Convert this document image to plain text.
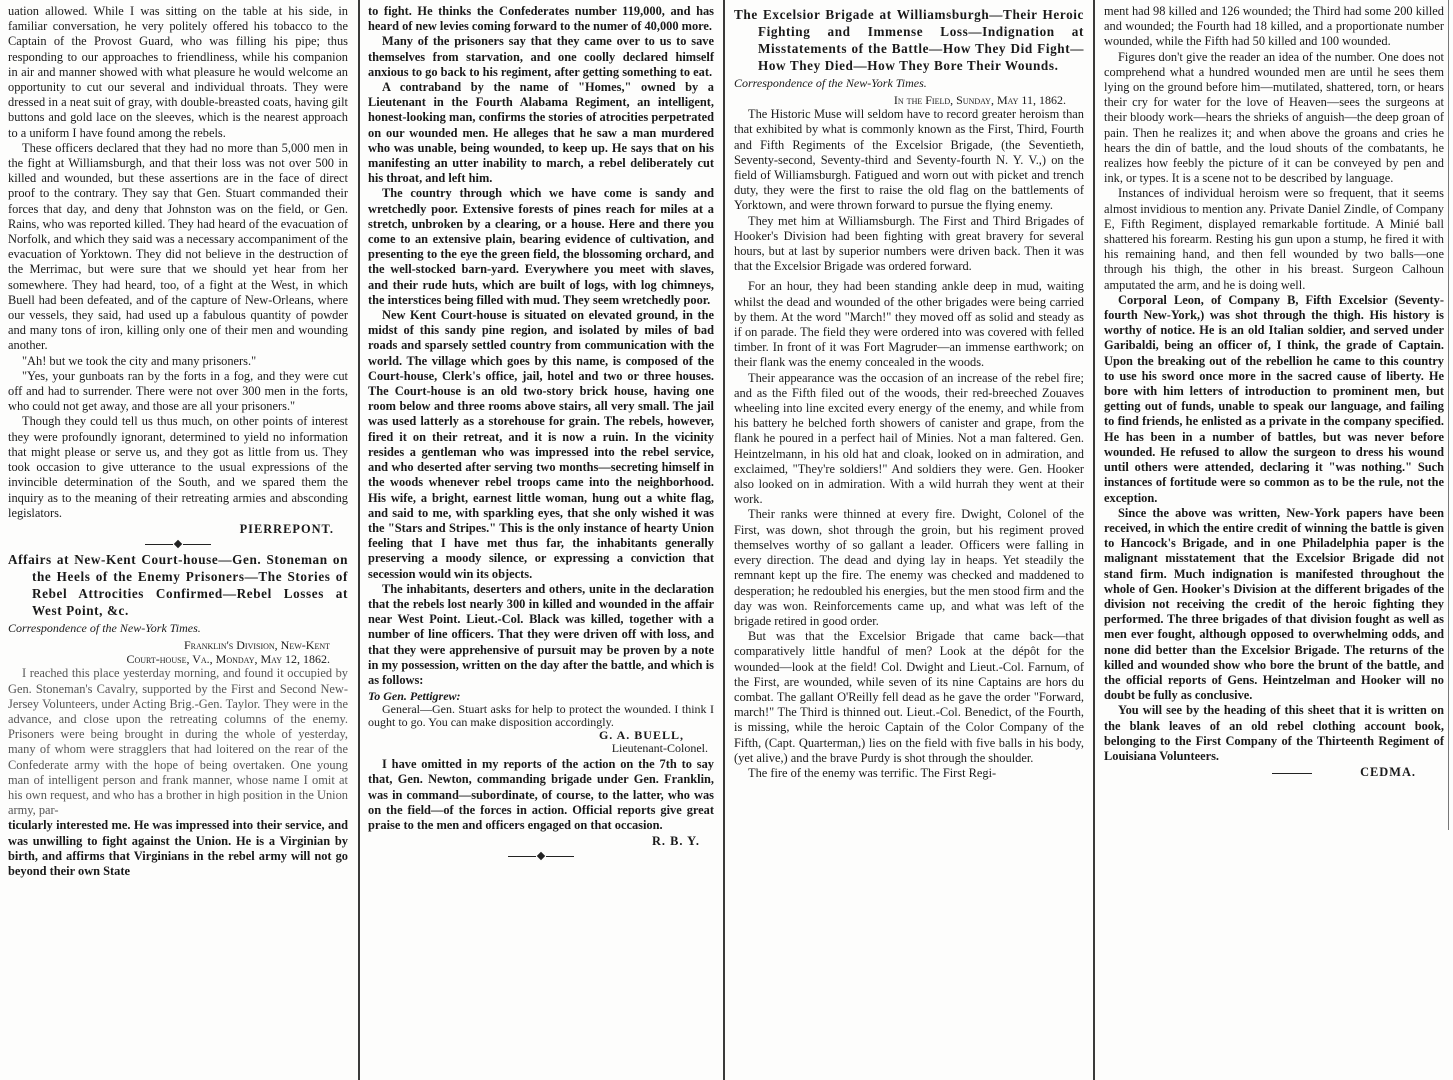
uation allowed. While I was sitting on the table at his side, in familiar conversation, he very politely offered his tobacco to the Captain of the Provost Guard, who was filling his pipe; thus responding to our approaches to friendliness, while his companion in air and manner showed with what pleasure he would welcome an opportunity to cut our several and individual throats. They were dressed in a neat suit of gray, with double-breasted coats, having gilt buttons and gold lace on the sleeves, which is the nearest approach to a uniform I have found among the rebels.

These officers declared that they had no more than 5,000 men in the fight at Williamsburgh, and that their loss was not over 500 in killed and wounded, but these assertions are in the face of direct proof to the contrary. They say that Gen. Stuart commanded their forces that day, and deny that Johnston was on the field, or Gen. Rains, who was reported killed. They had heard of the evacuation of Norfolk, and which they said was a necessary accompaniment of the evacuation of Yorktown. They did not believe in the destruction of the Merrimac, but were sure that we should yet hear from her somewhere. They had heard, too, of a fight at the West, in which Buell had been defeated, and of the capture of New-Orleans, where our vessels, they said, had used up a fabulous quantity of powder and many tons of iron, killing only one of their men and wounding another.

"Ah! but we took the city and many prisoners."

"Yes, your gunboats ran by the forts in a fog, and they were cut off and had to surrender. There were not over 300 men in the forts, who could not get away, and those are all your prisoners."

Though they could tell us thus much, on other points of interest they were profoundly ignorant, determined to yield no information that might please or serve us, and they got as little from us. They took occasion to give utterance to the usual expressions of the invincible determination of the South, and we spared them the inquiry as to the meaning of their retreating armies and absconding legislators.

PIERREPONT.
Affairs at New-Kent Court-house—Gen. Stoneman on the Heels of the Enemy Prisoners—The Stories of Rebel Attrocities Confirmed—Rebel Losses at West Point, &c.
Correspondence of the New-York Times.
Franklin's Division, New-Kent
Court-house, Va., Monday, May 12, 1862.

I reached this place yesterday morning, and found it occupied by Gen. Stoneman's Cavalry, supported by the First and Second New-Jersey Volunteers, under Acting Brig.-Gen. Taylor. They were in the advance, and close upon the retreating columns of the enemy. Prisoners were being brought in during the whole of yesterday, many of whom were stragglers that had loitered on the rear of the Confederate army with the hope of being overtaken. One young man of intelligent person and frank manner, whose name I omit at his own request, and who has a brother in high position in the Union army, par-

ticularly interested me. He was impressed into their service, and was unwilling to fight against the Union. He is a Virginian by birth, and affirms that Virginians in the rebel army will not go beyond their own State

to fight. He thinks the Confederates number 119,000, and has heard of new levies coming forward to the numer of 40,000 more.

Many of the prisoners say that they came over to us to save themselves from starvation, and one coolly declared himself anxious to go back to his regiment, after getting something to eat.

A contraband by the name of "Homes," owned by a Lieutenant in the Fourth Alabama Regiment, an intelligent, honest-looking man, confirms the stories of atrocities perpetrated on our wounded men. He alleges that he saw a man murdered who was unable, being wounded, to keep up. He says that on his manifesting an utter inability to march, a rebel deliberately cut his throat, and left him.

The country through which we have come is sandy and wretchedly poor. Extensive forests of pines reach for miles at a stretch, unbroken by a clearing, or a house. Here and there you come to an extensive plain, bearing evidence of cultivation, and presenting to the eye the green field, the blossoming orchard, and the well-stocked barn-yard. Everywhere you meet with slaves, and their rude huts, which are built of logs, with log chimneys, the interstices being filled with mud. They seem wretchedly poor.

New Kent Court-house is situated on elevated ground, in the midst of this sandy pine region, and isolated by miles of bad roads and sparsely settled country from communication with the world. The village which goes by this name, is composed of the Court-house, Clerk's office, jail, hotel and two or three houses. The Court-house is an old two-story brick house, having one room below and three rooms above stairs, all very small. The jail was used latterly as a storehouse for grain. The rebels, however, fired it on their retreat, and it is now a ruin. In the vicinity resides a gentleman who was impressed into the rebel service, and who deserted after serving two months—secreting himself in the woods whenever rebel troops came into the neighborhood. His wife, a bright, earnest little woman, hung out a white flag, and said to me, with sparkling eyes, that she only wished it was the "Stars and Stripes." This is the only instance of hearty Union feeling that I have met thus far, the inhabitants generally preserving a moody silence, or expressing a conviction that secession would win its objects.

The inhabitants, deserters and others, unite in the declaration that the rebels lost nearly 300 in killed and wounded in the affair near West Point. Lieut.-Col. Black was killed, together with a number of line officers. That they were driven off with loss, and that they were apprehensive of pursuit may be proven by a note in my possession, written on the day after the battle, and which is as follows:

To Gen. Pettigrew:

General—Gen. Stuart asks for help to protect the wounded. I think I ought to go. You can make disposition accordingly.

G. A. BUELL,
Lieutenant-Colonel.

I have omitted in my reports of the action on the 7th to say that, Gen. Newton, commanding brigade under Gen. Franklin, was in command—subordinate, of course, to the latter, who was on the field—of the forces in action. Official reports give great praise to the men and officers engaged on that occasion.

R. B. Y.
The Excelsior Brigade at Williamsburgh—Their Heroic Fighting and Immense Loss—Indignation at Misstatements of the Battle—How They Did Fight—How They Died—How They Bore Their Wounds.
Correspondence of the New-York Times.
In the Field, Sunday, May 11, 1862.

The Historic Muse will seldom have to record greater heroism than that exhibited by what is commonly known as the First, Third, Fourth and Fifth Regiments of the Excelsior Brigade, (the Seventieth, Seventy-second, Seventy-third and Seventy-fourth N. Y. V.,) on the field of Williamsburgh. Fatigued and worn out with picket and trench duty, they were the first to raise the old flag on the battlements of Yorktown, and were thrown forward to pursue the flying enemy.

They met him at Williamsburgh. The First and Third Brigades of Hooker's Division had been fighting with great bravery for several hours, but at last by superior numbers were driven back. Then it was that the Excelsior Brigade was ordered forward.

For an hour, they had been standing ankle deep in mud, waiting whilst the dead and wounded of the other brigades were being carried by them. At the word "March!" they moved off as solid and steady as if on parade. The field they were ordered into was covered with felled timber. In front of it was Fort Magruder—an immense earthwork; on their flank was the enemy concealed in the woods.

Their appearance was the occasion of an increase of the rebel fire; and as the Fifth filed out of the woods, their red-breeched Zouaves wheeling into line excited every energy of the enemy, and while from his battery he belched forth showers of canister and grape, from the flank he poured in a perfect hail of Minies. Not a man faltered. Gen. Heintzelmann, in his old hat and cloak, looked on in admiration, and exclaimed, "They're soldiers!" And soldiers they were. Gen. Hooker also looked on in admiration. With a wild hurrah they went at their work.

Their ranks were thinned at every fire. Dwight, Colonel of the First, was down, shot through the groin, but his regiment proved themselves worthy of so gallant a leader. Officers were falling in every direction. The dead and dying lay in heaps. Yet steadily the remnant kept up the fire. The enemy was checked and maddened to desperation; he redoubled his energies, but the men stood firm and the day was won. Reinforcements came up, and what was left of the brigade retired in good order.

But was that the Excelsior Brigade that came back—that comparatively little handful of men? Look at the dépôt for the wounded—look at the field! Col. Dwight and Lieut.-Col. Farnum, of the First, are wounded, while seven of its nine Captains are hors du combat. The gallant O'Reilly fell dead as he gave the order "Forward, march!" The Third is thinned out. Lieut.-Col. Benedict, of the Fourth, is missing, while the heroic Captain of the Color Company of the Fifth, (Capt. Quarterman,) lies on the field with five balls in his body, (yet alive,) and the brave Purdy is shot through the shoulder.

The fire of the enemy was terrific. The First Regi-

ment had 98 killed and 126 wounded; the Third had some 200 killed and wounded; the Fourth had 18 killed, and a proportionate number wounded, while the Fifth had 50 killed and 100 wounded.

Figures don't give the reader an idea of the number. One does not comprehend what a hundred wounded men are until he sees them lying on the ground before him—mutilated, shattered, torn, or hears their cry for water for the love of Heaven—sees the surgeons at their bloody work—hears the shrieks of anguish—the deep groan of pain. Then he realizes it; and when above the groans and cries he hears the din of battle, and the loud shouts of the combatants, he realizes how feebly the picture of it can be conveyed by pen and ink, or types. It is a scene not to be described by language.

Instances of individual heroism were so frequent, that it seems almost invidious to mention any. Private Daniel Zindle, of Company E, Fifth Regiment, displayed remarkable fortitude. A Minié ball shattered his forearm. Resting his gun upon a stump, he fired it with his remaining hand, and then fell wounded by two balls—one through his thigh, the other in his breast. Surgeon Calhoun amputated the arm, and he is doing well.

Corporal Leon, of Company B, Fifth Excelsior (Seventy-fourth New-York,) was shot through the thigh. His history is worthy of notice. He is an old Italian soldier, and served under Garibaldi, being an officer of, I think, the grade of Captain. Upon the breaking out of the rebellion he came to this country to use his sword once more in the sacred cause of liberty. He bore with him letters of introduction to prominent men, but getting out of funds, unable to speak our language, and failing to find friends, he enlisted as a private in the company specified. He has been in a number of battles, but was never before wounded. He refused to allow the surgeon to dress his wound until others were attended, declaring it "was nothing." Such instances of fortitude were so common as to be the rule, not the exception.

Since the above was written, New-York papers have been received, in which the entire credit of winning the battle is given to Hancock's Brigade, and in one Philadelphia paper is the malignant misstatement that the Excelsior Brigade did not stand firm. Much indignation is manifested throughout the whole of Gen. Hooker's Division at the different brigades of the division not receiving the credit of the heroic fighting they performed. The three brigades of that division fought as well as men ever fought, although opposed to overwhelming odds, and none did better than the Excelsior Brigade. The returns of the killed and wounded show who bore the brunt of the battle, and the official reports of Gens. Heintzelman and Hooker will no doubt be fully as conclusive.

You will see by the heading of this sheet that it is written on the blank leaves of an old rebel clothing account book, belonging to the First Company of the Thirteenth Regiment of Louisiana Volunteers.

CEDMA.
